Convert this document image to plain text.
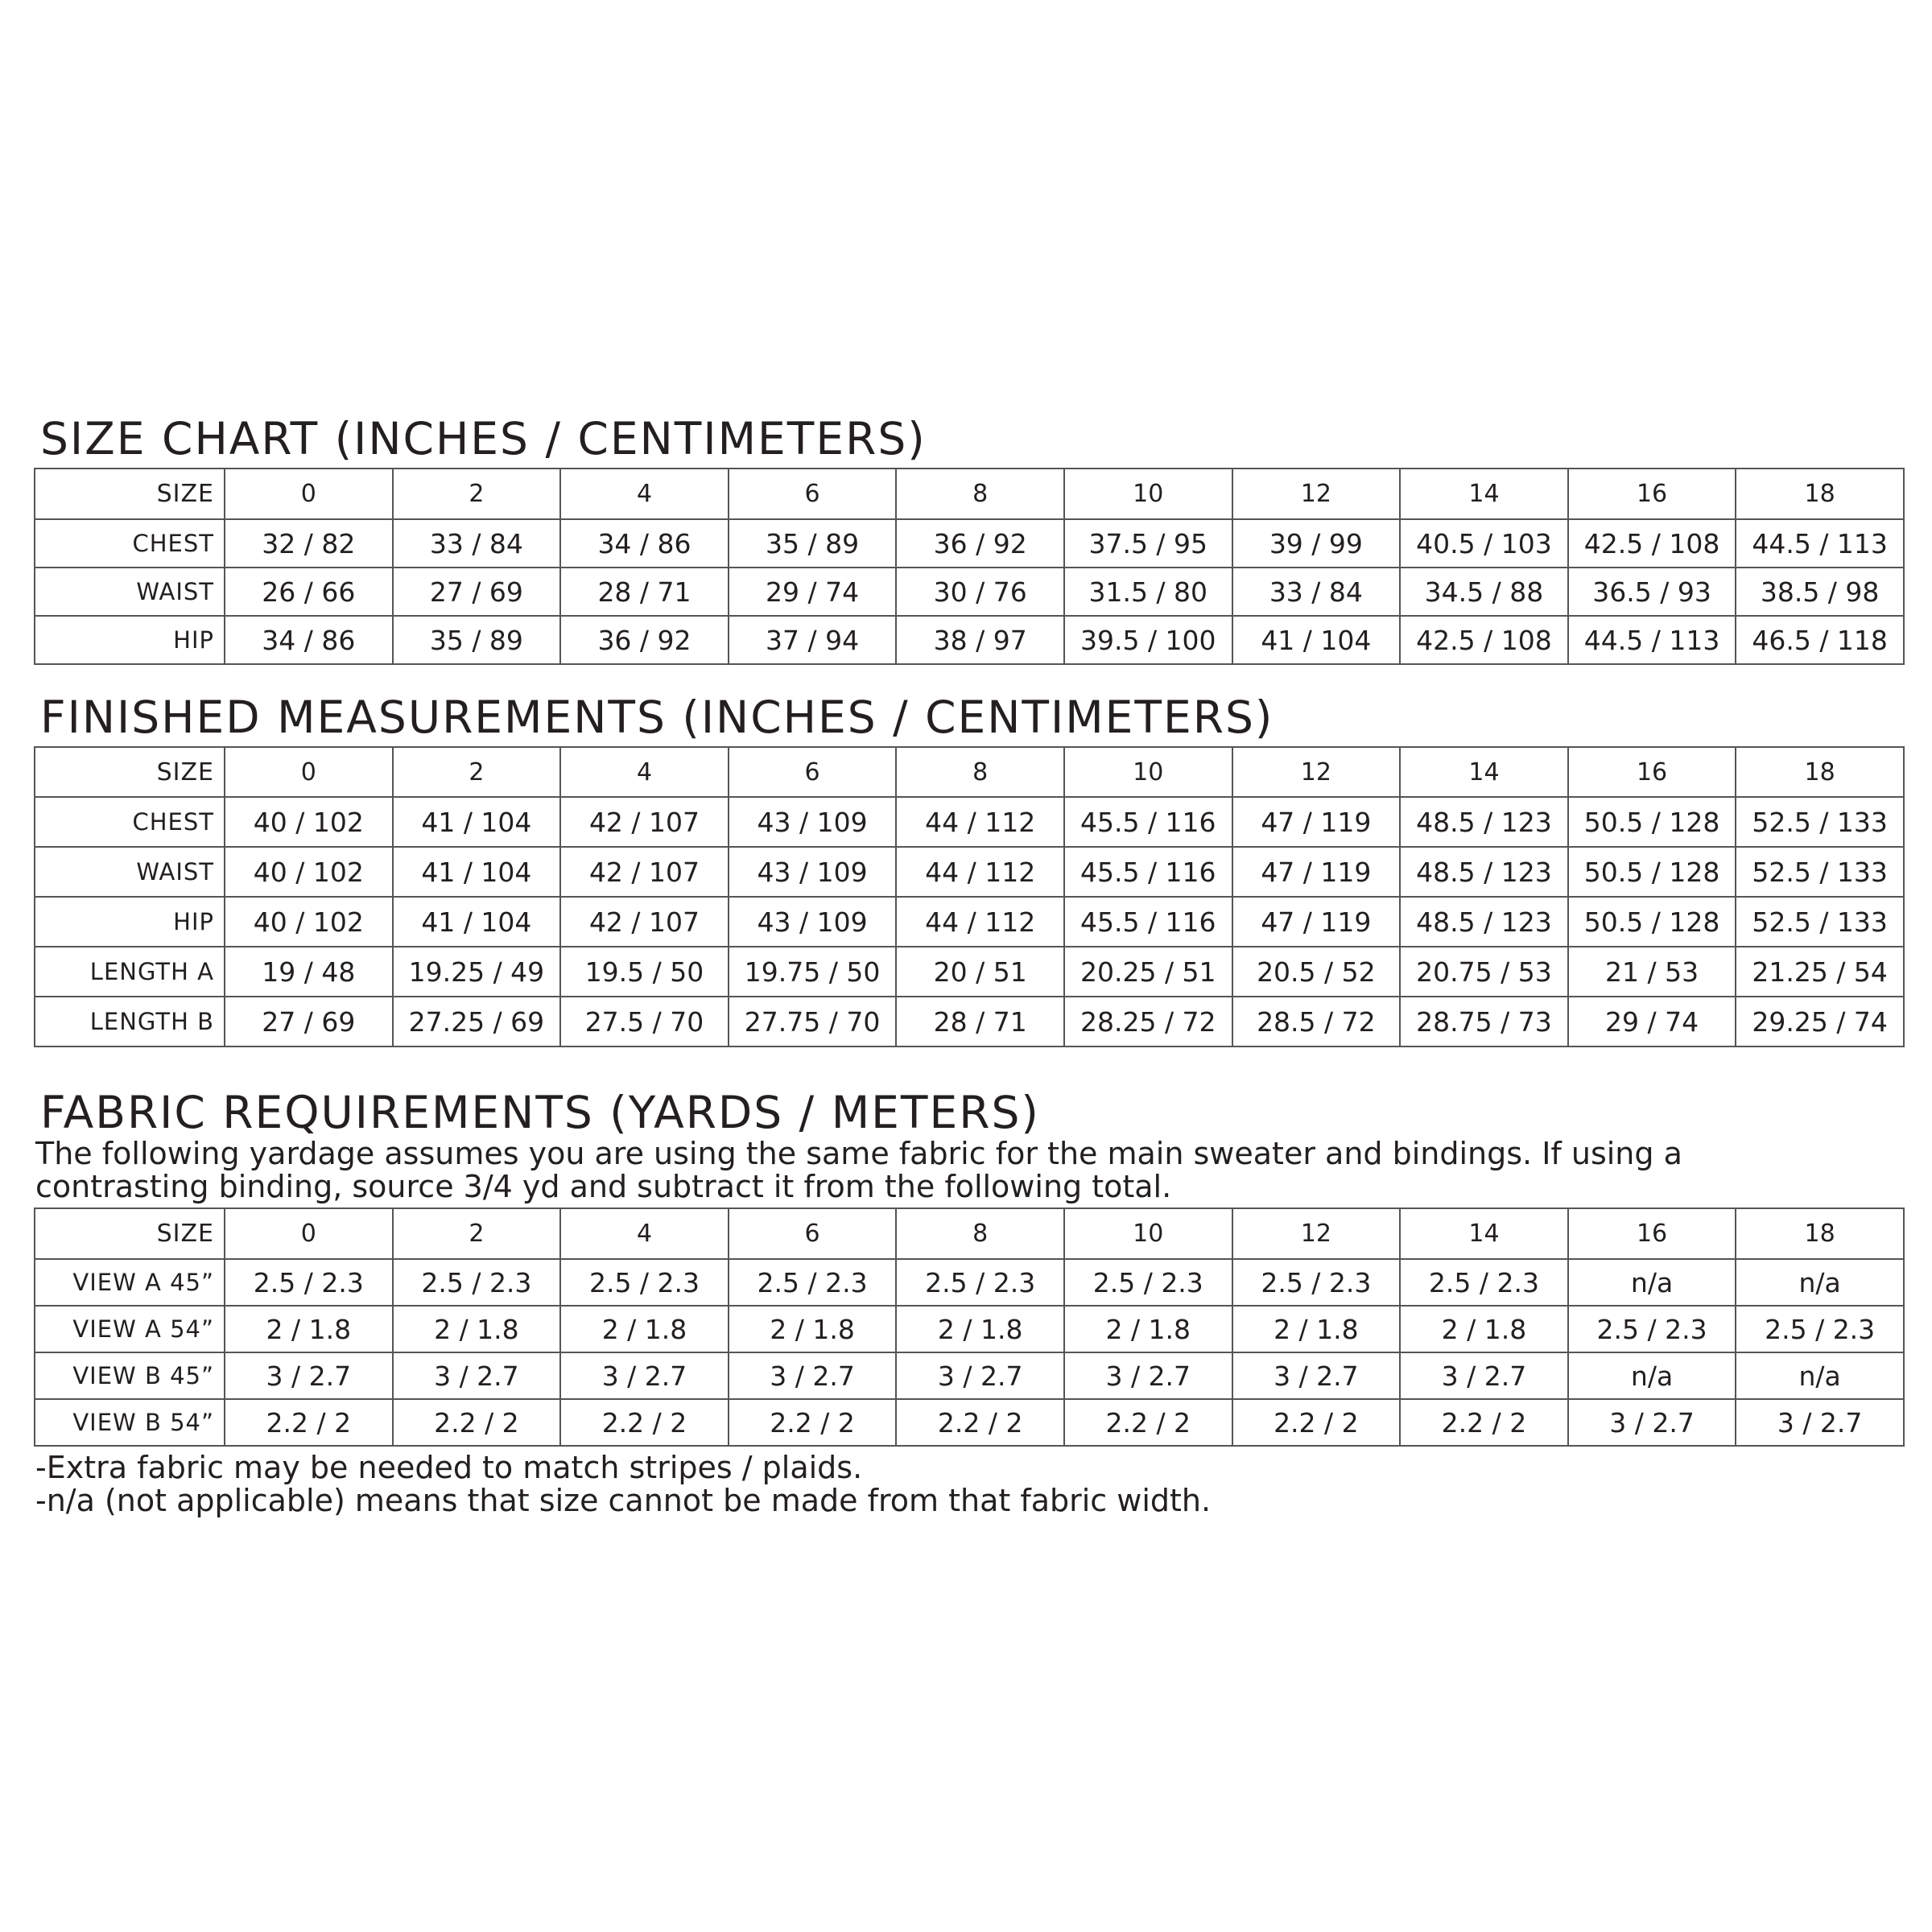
SIZE CHART (INCHES / CENTIMETERS)
SIZE	0	2	4	6	8	10	12	14	16	18
CHEST	32 / 82	33 / 84	34 / 86	35 / 89	36 / 92	37.5 / 95	39 / 99	40.5 / 103	42.5 / 108	44.5 / 113
WAIST	26 / 66	27 / 69	28 / 71	29 / 74	30 / 76	31.5 / 80	33 / 84	34.5 / 88	36.5 / 93	38.5 / 98
HIP	34 / 86	35 / 89	36 / 92	37 / 94	38 / 97	39.5 / 100	41 / 104	42.5 / 108	44.5 / 113	46.5 / 118
FINISHED MEASUREMENTS (INCHES / CENTIMETERS)
SIZE	0	2	4	6	8	10	12	14	16	18
CHEST	40 / 102	41 / 104	42 / 107	43 / 109	44 / 112	45.5 / 116	47 / 119	48.5 / 123	50.5 / 128	52.5 / 133
WAIST	40 / 102	41 / 104	42 / 107	43 / 109	44 / 112	45.5 / 116	47 / 119	48.5 / 123	50.5 / 128	52.5 / 133
HIP	40 / 102	41 / 104	42 / 107	43 / 109	44 / 112	45.5 / 116	47 / 119	48.5 / 123	50.5 / 128	52.5 / 133
LENGTH A	19 / 48	19.25 / 49	19.5 / 50	19.75 / 50	20 / 51	20.25 / 51	20.5 / 52	20.75 / 53	21 / 53	21.25 / 54
LENGTH B	27 / 69	27.25 / 69	27.5 / 70	27.75 / 70	28 / 71	28.25 / 72	28.5 / 72	28.75 / 73	29 / 74	29.25 / 74
FABRIC REQUIREMENTS (YARDS / METERS)

The following yardage assumes you are using the same fabric for the main sweater and bindings. If using a

contrasting binding, source 3/4 yd and subtract it from the following total.

SIZE	0	2	4	6	8	10	12	14	16	18
VIEW A 45”	2.5 / 2.3	2.5 / 2.3	2.5 / 2.3	2.5 / 2.3	2.5 / 2.3	2.5 / 2.3	2.5 / 2.3	2.5 / 2.3	n/a	n/a
VIEW A 54”	2 / 1.8	2 / 1.8	2 / 1.8	2 / 1.8	2 / 1.8	2 / 1.8	2 / 1.8	2 / 1.8	2.5 / 2.3	2.5 / 2.3
VIEW B 45”	3 / 2.7	3 / 2.7	3 / 2.7	3 / 2.7	3 / 2.7	3 / 2.7	3 / 2.7	3 / 2.7	n/a	n/a
VIEW B 54”	2.2 / 2	2.2 / 2	2.2 / 2	2.2 / 2	2.2 / 2	2.2 / 2	2.2 / 2	2.2 / 2	3 / 2.7	3 / 2.7

-Extra fabric may be needed to match stripes / plaids.

-n/a (not applicable) means that size cannot be made from that fabric width.
